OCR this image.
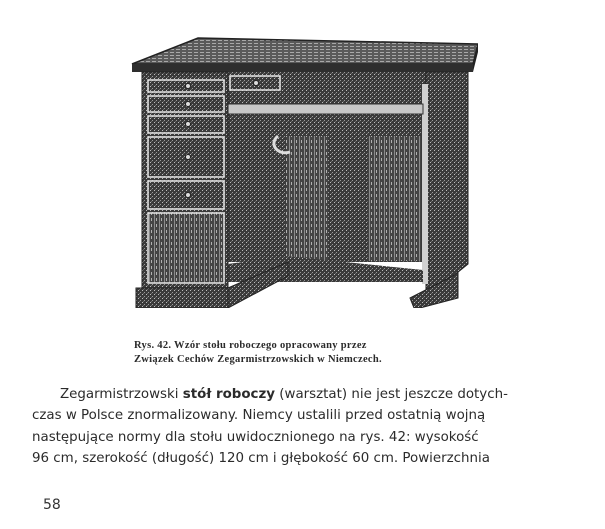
Rys. 42. Wzór stołu roboczego opracowany przez
Związek Cechów Zegarmistrzowskich w Niemczech.
Zegarmistrzowski stół roboczy (warsztat) nie jest jeszcze dotych-
czas w Polsce znormalizowany. Niemcy ustalili przed ostatnią wojną
następujące normy dla stołu uwidocznionego na rys. 42: wysokość
96 cm, szerokość (długość) 120 cm i głębokość 60 cm. Powierzchnia
58
